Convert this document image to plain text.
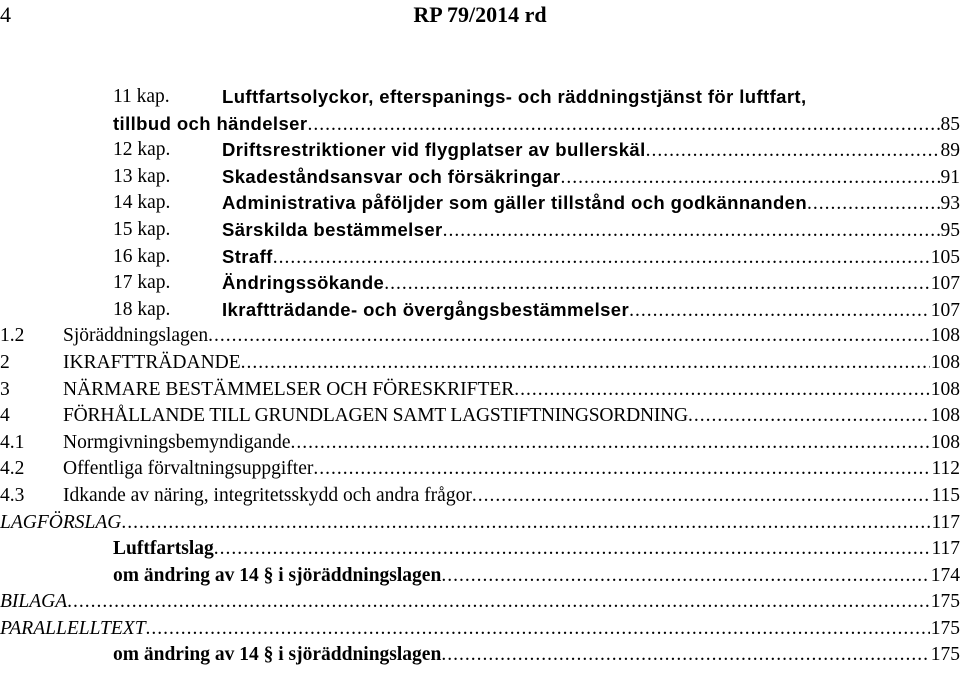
4	RP 79/2014 rd
11 kap.	Luftfartsolyckor, efterspanings- och räddningstjänst för luftfart,
tillbud och händelser .....	85
12 kap.	Driftsrestriktioner vid flygplatser av bullerskäl .....	89
13 kap.	Skadeståndsansvar och försäkringar .....	91
14 kap.	Administrativa påföljder som gäller tillstånd och godkännanden .....	93
15 kap.	Särskilda bestämmelser .....	95
16 kap.	Straff .....	105
17 kap.	Ändringssökande .....	107
18 kap.	Ikraftträdande- och övergångsbestämmelser .....	107
1.2 Sjöräddningslagen .....	108
2	IKRAFTTRÄDANDE .....	108
3	NÄRMARE BESTÄMMELSER OCH FÖRESKRIFTER .....	108
4	FÖRHÅLLANDE TILL GRUNDLAGEN SAMT LAGSTIFTNINGSORDNING .....	108
4.1 Normgivningsbemyndigande .....	108
4.2 Offentliga förvaltningsuppgifter .....	112
4.3 Idkande av näring, integritetsskydd och andra frågor .....	115
LAGFÖRSLAG .....	117
Luftfartslag .....	117
om ändring av 14 § i sjöräddningslagen .....	174
BILAGA .....	175
PARALLELLTEXT .....	175
om ändring av 14 § i sjöräddningslagen .....	175
